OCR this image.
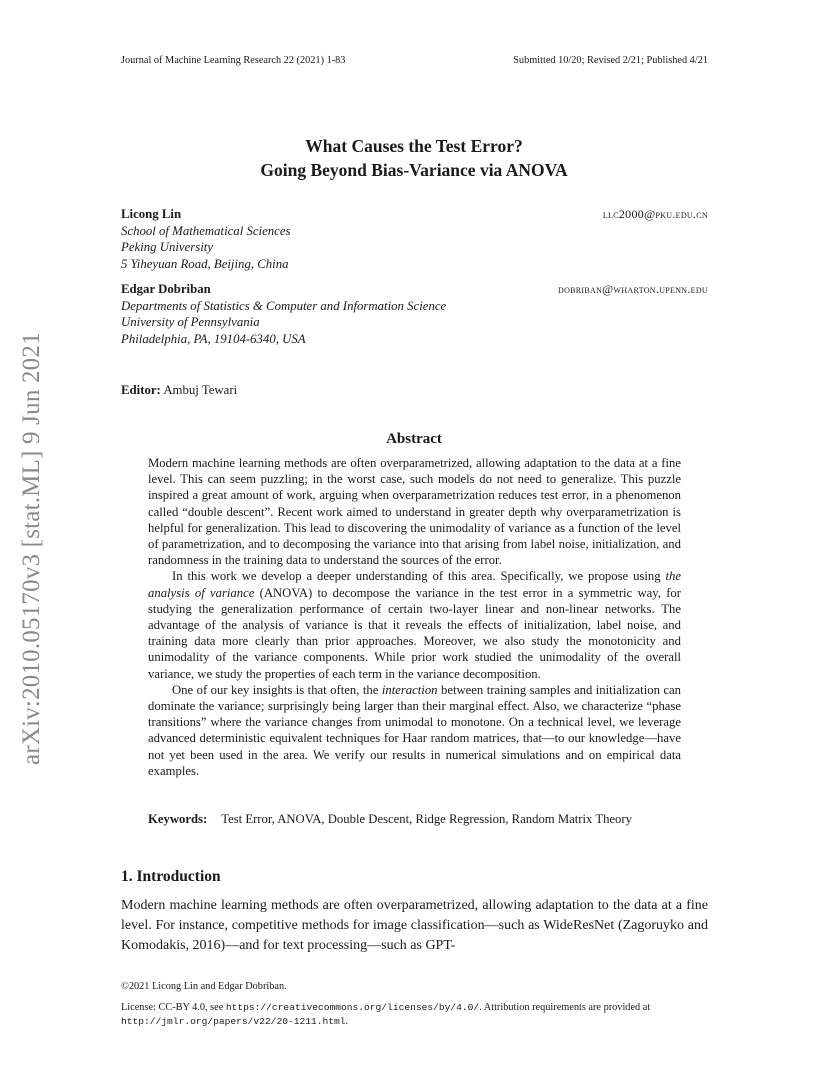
arXiv:2010.05170v3 [stat.ML] 9 Jun 2021
Journal of Machine Learning Research 22 (2021) 1-83	Submitted 10/20; Revised 2/21; Published 4/21
What Causes the Test Error?
Going Beyond Bias-Variance via ANOVA
Licong Lin	llc2000@pku.edu.cn
School of Mathematical Sciences
Peking University
5 Yiheyuan Road, Beijing, China
Edgar Dobriban	dobriban@wharton.upenn.edu
Departments of Statistics & Computer and Information Science
University of Pennsylvania
Philadelphia, PA, 19104-6340, USA
Editor: Ambuj Tewari
Abstract

Modern machine learning methods are often overparametrized, allowing adaptation to the data at a fine level. This can seem puzzling; in the worst case, such models do not need to generalize. This puzzle inspired a great amount of work, arguing when overparametrization reduces test error, in a phenomenon called “double descent”. Recent work aimed to understand in greater depth why overparametrization is helpful for generalization. This lead to discovering the unimodality of variance as a function of the level of parametrization, and to decomposing the variance into that arising from label noise, initialization, and randomness in the training data to understand the sources of the error.

In this work we develop a deeper understanding of this area. Specifically, we propose using the analysis of variance (ANOVA) to decompose the variance in the test error in a symmetric way, for studying the generalization performance of certain two-layer linear and non-linear networks. The advantage of the analysis of variance is that it reveals the effects of initialization, label noise, and training data more clearly than prior approaches. Moreover, we also study the monotonicity and unimodality of the variance components. While prior work studied the unimodality of the overall variance, we study the properties of each term in the variance decomposition.

One of our key insights is that often, the interaction between training samples and initialization can dominate the variance; surprisingly being larger than their marginal effect. Also, we characterize “phase transitions” where the variance changes from unimodal to monotone. On a technical level, we leverage advanced deterministic equivalent techniques for Haar random matrices, that—to our knowledge—have not yet been used in the area. We verify our results in numerical simulations and on empirical data examples.

Keywords: Test Error, ANOVA, Double Descent, Ridge Regression, Random Matrix Theory
1. Introduction
Modern machine learning methods are often overparametrized, allowing adaptation to the data at a fine level. For instance, competitive methods for image classification—such as WideResNet (Zagoruyko and Komodakis, 2016)—and for text processing—such as GPT-
©2021 Licong Lin and Edgar Dobriban.
License: CC-BY 4.0, see https://creativecommons.org/licenses/by/4.0/. Attribution requirements are provided at http://jmlr.org/papers/v22/20-1211.html.
